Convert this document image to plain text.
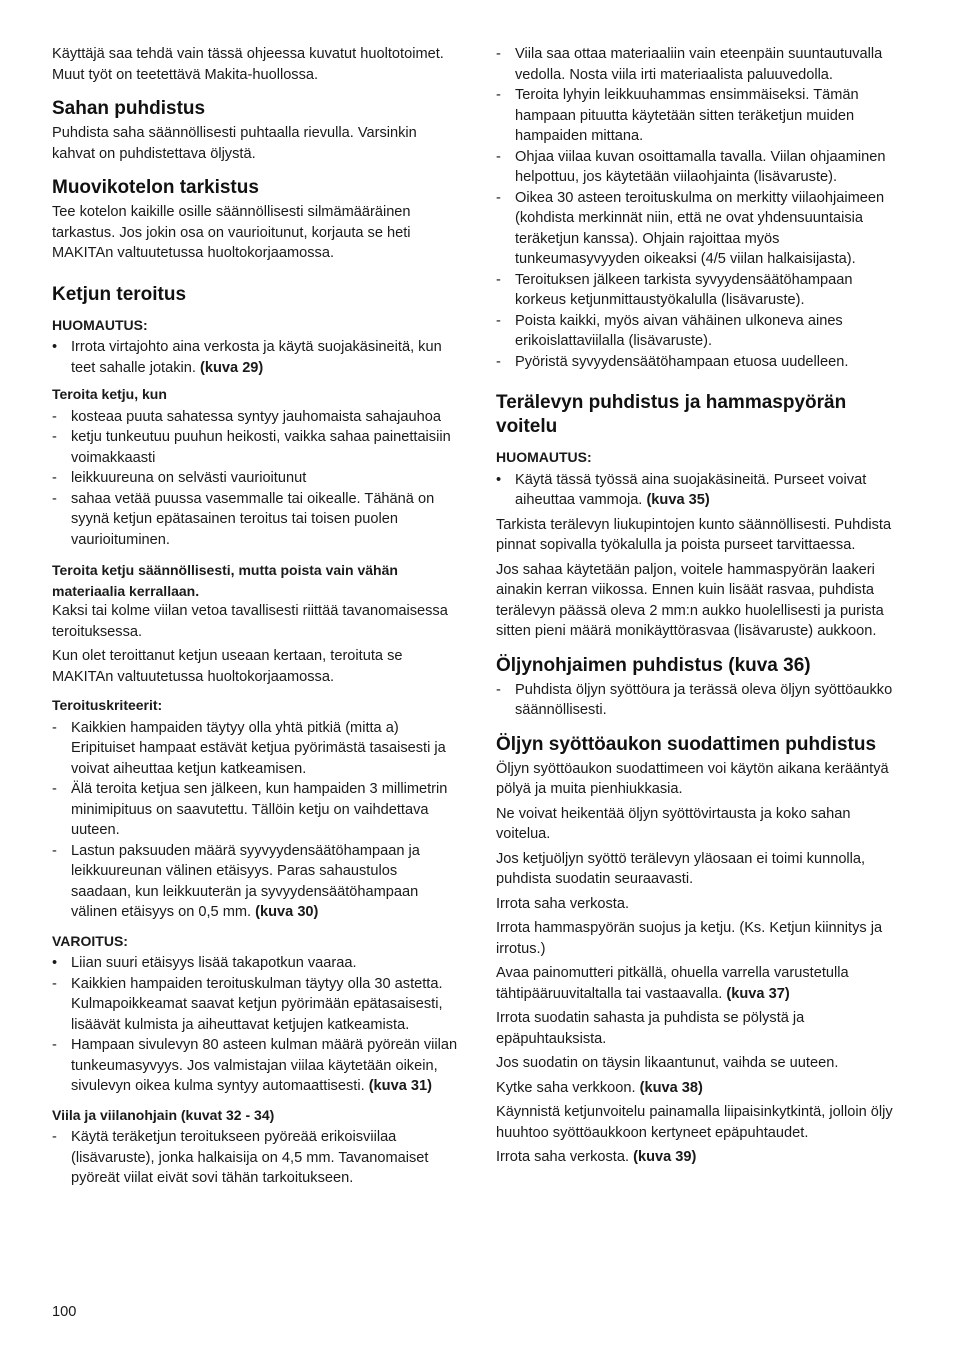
Käyttäjä saa tehdä vain tässä ohjeessa kuvatut huoltotoimet. Muut työt on teetettävä Makita-huollossa.

Sahan puhdistus

Puhdista saha säännöllisesti puhtaalla rievulla. Varsinkin kahvat on puhdistettava öljystä.

Muovikotelon tarkistus

Tee kotelon kaikille osille säännöllisesti silmämääräinen tarkastus. Jos jokin osa on vaurioitunut, korjauta se heti MAKITAn valtuutetussa huoltokorjaamossa.

Ketjun teroitus
HUOMAUTUS:
• Irrota virtajohto aina verkosta ja käytä suojakäsineitä, kun teet sahalle jotakin. (kuva 29)
Teroita ketju, kun
- kosteaa puuta sahatessa syntyy jauhomaista sahajauhoa
- ketju tunkeutuu puuhun heikosti, vaikka sahaa painettaisiin voimakkaasti
- leikkuureuna on selvästi vaurioitunut
- sahaa vetää puussa vasemmalle tai oikealle. Tähänä on syynä ketjun epätasainen teroitus tai toisen puolen vaurioituminen.
Teroita ketju säännöllisesti, mutta poista vain vähän materiaalia kerrallaan.

Kaksi tai kolme viilan vetoa tavallisesti riittää tavanomaisessa teroituksessa.

Kun olet teroittanut ketjun useaan kertaan, teroituta se MAKITAn valtuutetussa huoltokorjaamossa.

Teroituskriteerit:
- Kaikkien hampaiden täytyy olla yhtä pitkiä (mitta a) Eripituiset hampaat estävät ketjua pyörimästä tasaisesti ja voivat aiheuttaa ketjun katkeamisen.
- Älä teroita ketjua sen jälkeen, kun hampaiden 3 millimetrin minimipituus on saavutettu. Tällöin ketju on vaihdettava uuteen.
- Lastun paksuuden määrä syyvyydensäätöhampaan ja leikkuureunan välinen etäisyys. Paras sahaustulos saadaan, kun leikkuuterän ja syvyydensäätöhampaan välinen etäisyys on 0,5 mm. (kuva 30)
VAROITUS:
• Liian suuri etäisyys lisää takapotkun vaaraa.
- Kaikkien hampaiden teroituskulman täytyy olla 30 astetta. Kulmapoikkeamat saavat ketjun pyörimään epätasaisesti, lisäävät kulmista ja aiheuttavat ketjujen katkeamista.
- Hampaan sivulevyn 80 asteen kulman määrä pyöreän viilan tunkeumasyvyys. Jos valmistajan viilaa käytetään oikein, sivulevyn oikea kulma syntyy automaattisesti. (kuva 31)
Viila ja viilanohjain (kuvat 32 - 34)
- Käytä teräketjun teroitukseen pyöreää erikoisviilaa (lisävaruste), jonka halkaisija on 4,5 mm. Tavanomaiset pyöreät viilat eivät sovi tähän tarkoitukseen.
- Viila saa ottaa materiaaliin vain eteenpäin suuntautuvalla vedolla. Nosta viila irti materiaalista paluuvedolla.
- Teroita lyhyin leikkuuhammas ensimmäiseksi. Tämän hampaan pituutta käytetään sitten teräketjun muiden hampaiden mittana.
- Ohjaa viilaa kuvan osoittamalla tavalla. Viilan ohjaaminen helpottuu, jos käytetään viilaohjainta (lisävaruste).
- Oikea 30 asteen teroituskulma on merkitty viilaohjaimeen (kohdista merkinnät niin, että ne ovat yhdensuuntaisia teräketjun kanssa). Ohjain rajoittaa myös tunkeumasyvyyden oikeaksi (4/5 viilan halkaisijasta).
- Teroituksen jälkeen tarkista syvyydensäätöhampaan korkeus ketjunmittaustyökalulla (lisävaruste).
- Poista kaikki, myös aivan vähäinen ulkoneva aines erikoislattaviilalla (lisävaruste).
- Pyöristä syvyydensäätöhampaan etuosa uudelleen.
Terälevyn puhdistus ja hammaspyörän voitelu
HUOMAUTUS:
• Käytä tässä työssä aina suojakäsineitä. Purseet voivat aiheuttaa vammoja. (kuva 35)

Tarkista terälevyn liukupintojen kunto säännöllisesti. Puhdista pinnat sopivalla työkalulla ja poista purseet tarvittaessa.

Jos sahaa käytetään paljon, voitele hammaspyörän laakeri ainakin kerran viikossa. Ennen kuin lisäät rasvaa, puhdista terälevyn päässä oleva 2 mm:n aukko huolellisesti ja purista sitten pieni määrä monikäyttörasvaa (lisävaruste) aukkoon.

Öljynohjaimen puhdistus (kuva 36)
- Puhdista öljyn syöttöura ja terässä oleva öljyn syöttöaukko säännöllisesti.
Öljyn syöttöaukon suodattimen puhdistus

Öljyn syöttöaukon suodattimeen voi käytön aikana kerääntyä pölyä ja muita pienhiukkasia.

Ne voivat heikentää öljyn syöttövirtausta ja koko sahan voitelua.

Jos ketjuöljyn syöttö terälevyn yläosaan ei toimi kunnolla, puhdista suodatin seuraavasti.

Irrota saha verkosta.

Irrota hammaspyörän suojus ja ketju. (Ks. Ketjun kiinnitys ja irrotus.)

Avaa painomutteri pitkällä, ohuella varrella varustetulla tähtipääruuvitaltalla tai vastaavalla. (kuva 37)

Irrota suodatin sahasta ja puhdista se pölystä ja epäpuhtauksista.

Jos suodatin on täysin likaantunut, vaihda se uuteen.

Kytke saha verkkoon. (kuva 38)

Käynnistä ketjunvoitelu painamalla liipaisinkytkintä, jolloin öljy huuhtoo syöttöaukkoon kertyneet epäpuhtaudet.

Irrota saha verkosta. (kuva 39)

100
